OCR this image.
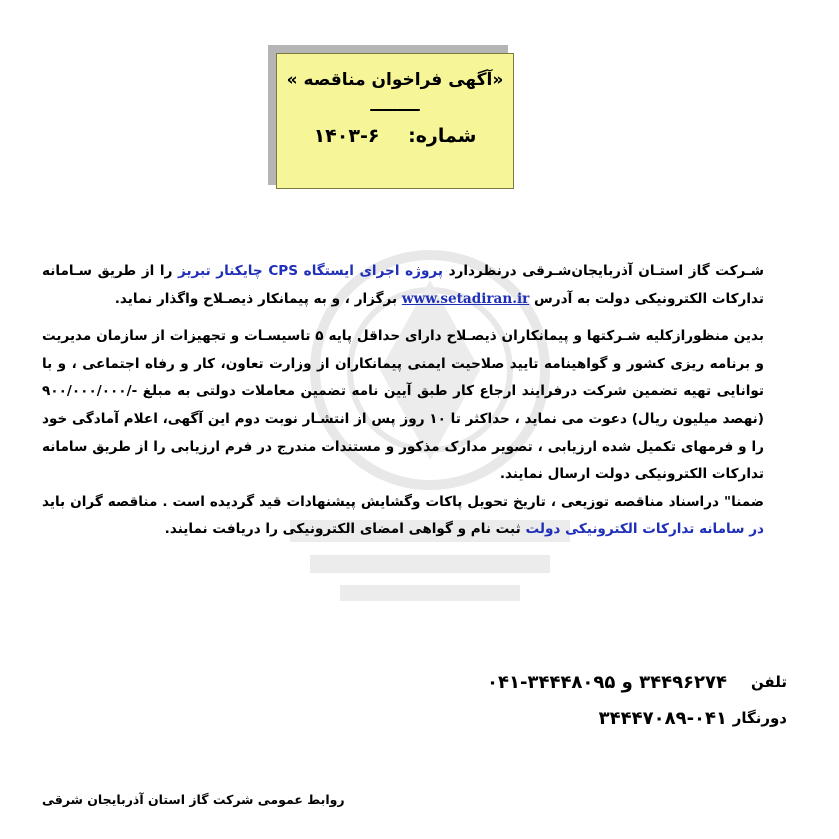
«آگهی فراخوان مناقصه »
ـــــــــ
شماره: ۶-۱۴۰۳

شـرکت گاز استـان آذربایجان‌شـرقی درنظردارد پروژه اجرای ایستگاه CPS چایکنار تبریز را از طریق سـامانه تدارکات الکترونیکی دولت به آدرس www.setadiran.ir برگزار ، و به پیمانکار ذیصـلاح واگذار نماید.

بدین منظورازکلیه شـرکتها و پیمانکاران ذیصـلاح دارای حداقل پایه ۵ تاسیسـات و تجهیزات از سازمان مدیریت و برنامه ریزی کشور و گواهینامه تایید صلاحیت ایمنی پیمانکاران از وزارت تعاون، کار و رفاه اجتماعی ، و با توانایی تهیه تضمین شرکت درفرایند ارجاع کار طبق آیین نامه تضمین معاملات دولتی به مبلغ -/۹۰۰/۰۰۰/۰۰۰ (نهصد میلیون ریال) دعوت می نماید ، حداکثر تا ۱۰ روز پس از انتشـار نوبت دوم این آگهی، اعلام آمادگی خود را و فرمهای تکمیل شده ارزیابی ، تصویر مدارک مذکور و مستندات مندرج در فرم ارزیابی را از طریق سامانه تدارکات الکترونیکی دولت ارسال نمایند.

ضمنا" دراسناد مناقصه توزیعی ، تاریخ تحویل پاکات وگشایش پیشنهادات قید گردیده است . مناقصه گران باید در سامانه تدارکات الکترونیکی دولت ثبت نام و گواهی امضای الکترونیکی را دریافت نمایند.

تلفن
۳۴۴۹۶۲۷۴ و ۳۴۴۴۸۰۹۵-۰۴۱
دورنگار
۳۴۴۴۷۰۸۹-۰۴۱
روابط عمومی شرکت گاز استان آذربایجان شرقی
